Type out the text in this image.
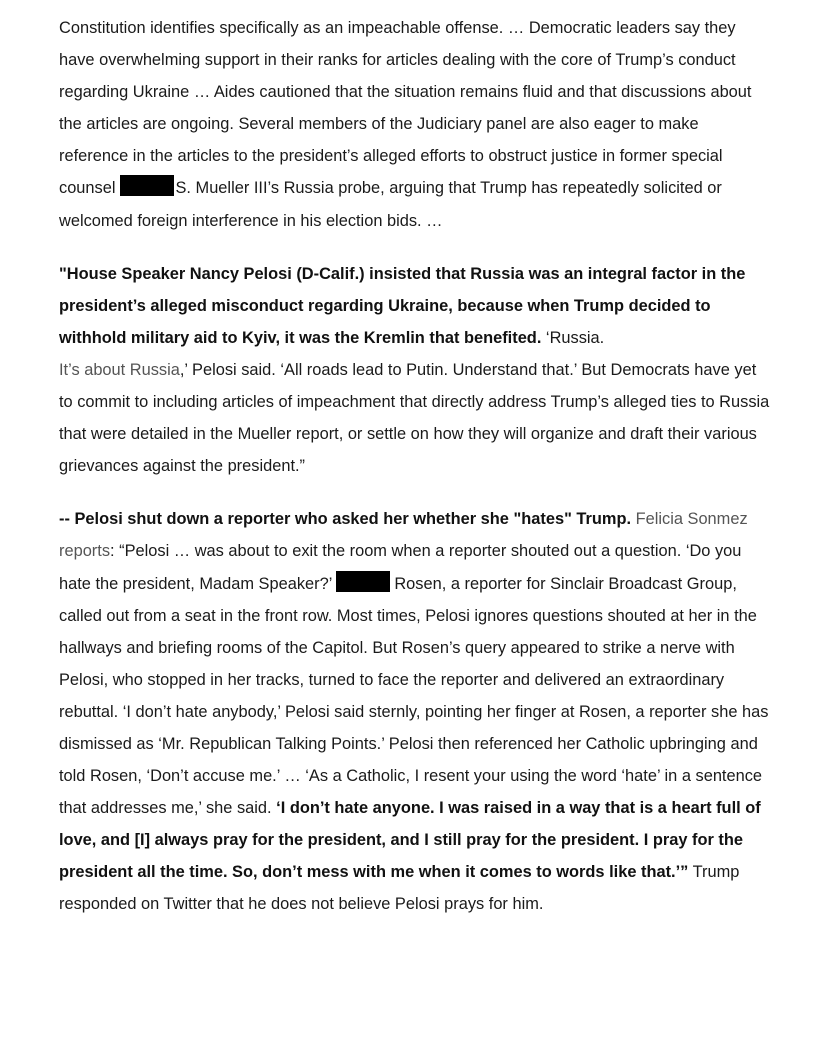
Constitution identifies specifically as an impeachable offense. … Democratic leaders say they have overwhelming support in their ranks for articles dealing with the core of Trump’s conduct regarding Ukraine … Aides cautioned that the situation remains fluid and that discussions about the articles are ongoing. Several members of the Judiciary panel are also eager to make reference in the articles to the president’s alleged efforts to obstruct justice in former special counsel	S. Mueller III’s Russia probe, arguing that Trump has repeatedly solicited or welcomed foreign interference in his election bids. …

"House Speaker Nancy Pelosi (D-Calif.) insisted that Russia was an integral factor in the president’s alleged misconduct regarding Ukraine, because when Trump decided to withhold military aid to Kyiv, it was the Kremlin that benefited. ‘Russia.
It’s about Russia,’ Pelosi said. ‘All roads lead to Putin. Understand that.’ But Democrats have yet to commit to including articles of impeachment that directly address Trump’s alleged ties to Russia that were detailed in the Mueller report, or settle on how they will organize and draft their various grievances against the president.”

-- Pelosi shut down a reporter who asked her whether she "hates" Trump. Felicia Sonmez reports: “Pelosi … was about to exit the room when a reporter shouted out a question. ‘Do you hate the president, Madam Speaker?’	Rosen, a reporter for Sinclair Broadcast Group, called out from a seat in the front row. Most times, Pelosi ignores questions shouted at her in the hallways and briefing rooms of the Capitol. But Rosen’s query appeared to strike a nerve with Pelosi, who stopped in her tracks, turned to face the reporter and delivered an extraordinary rebuttal. ‘I don’t hate anybody,’ Pelosi said sternly, pointing her finger at Rosen, a reporter she has dismissed as ‘Mr. Republican Talking Points.’ Pelosi then referenced her Catholic upbringing and told Rosen, ‘Don’t accuse me.’ … ‘As a Catholic, I resent your using the word ‘hate’ in a sentence that addresses me,’ she said. ‘I don’t hate anyone. I was raised in a way that is a heart full of love, and [I] always pray for the president, and I still pray for the president. I pray for the president all the time. So, don’t mess with me when it comes to words like that.’” Trump responded on Twitter that he does not believe Pelosi prays for him.
